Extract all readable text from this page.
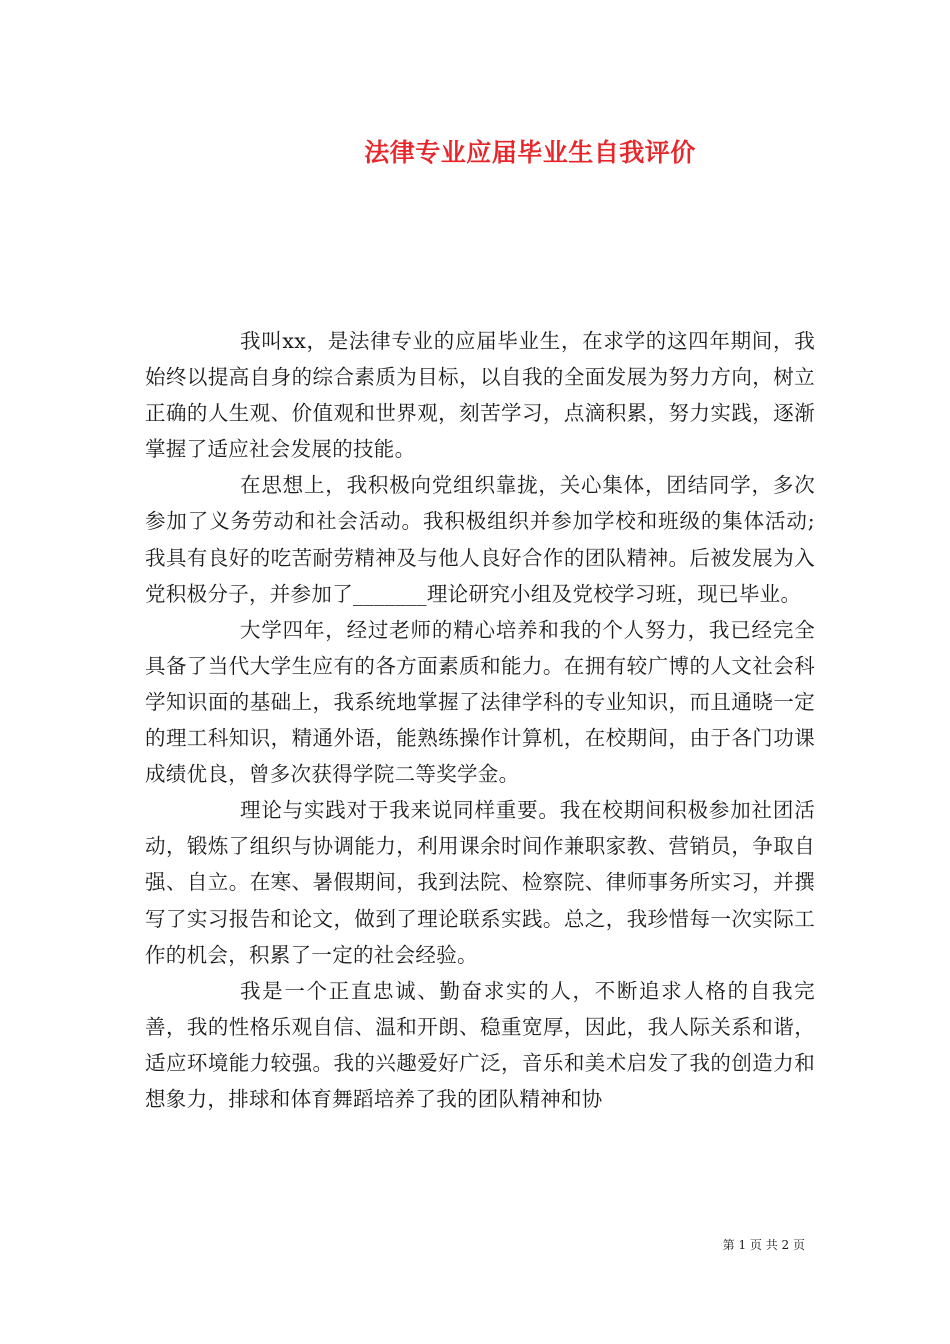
法律专业应届毕业生自我评价

我叫xx，是法律专业的应届毕业生，在求学的这四年期间，我始终以提高自身的综合素质为目标，以自我的全面发展为努力方向，树立正确的人生观、价值观和世界观，刻苦学习，点滴积累，努力实践，逐渐掌握了适应社会发展的技能。

在思想上，我积极向党组织靠拢，关心集体，团结同学，多次参加了义务劳动和社会活动。我积极组织并参加学校和班级的集体活动;我具有良好的吃苦耐劳精神及与他人良好合作的团队精神。后被发展为入党积极分子，并参加了_______理论研究小组及党校学习班，现已毕业。

大学四年，经过老师的精心培养和我的个人努力，我已经完全具备了当代大学生应有的各方面素质和能力。在拥有较广博的人文社会科学知识面的基础上，我系统地掌握了法律学科的专业知识，而且通晓一定的理工科知识，精通外语，能熟练操作计算机，在校期间，由于各门功课成绩优良，曾多次获得学院二等奖学金。

理论与实践对于我来说同样重要。我在校期间积极参加社团活动，锻炼了组织与协调能力，利用课余时间作兼职家教、营销员，争取自强、自立。在寒、暑假期间，我到法院、检察院、律师事务所实习，并撰写了实习报告和论文，做到了理论联系实践。总之，我珍惜每一次实际工作的机会，积累了一定的社会经验。

我是一个正直忠诚、勤奋求实的人，不断追求人格的自我完善，我的性格乐观自信、温和开朗、稳重宽厚，因此，我人际关系和谐，适应环境能力较强。我的兴趣爱好广泛，音乐和美术启发了我的创造力和想象力，排球和体育舞蹈培养了我的团队精神和协

第 1 页 共 2 页
